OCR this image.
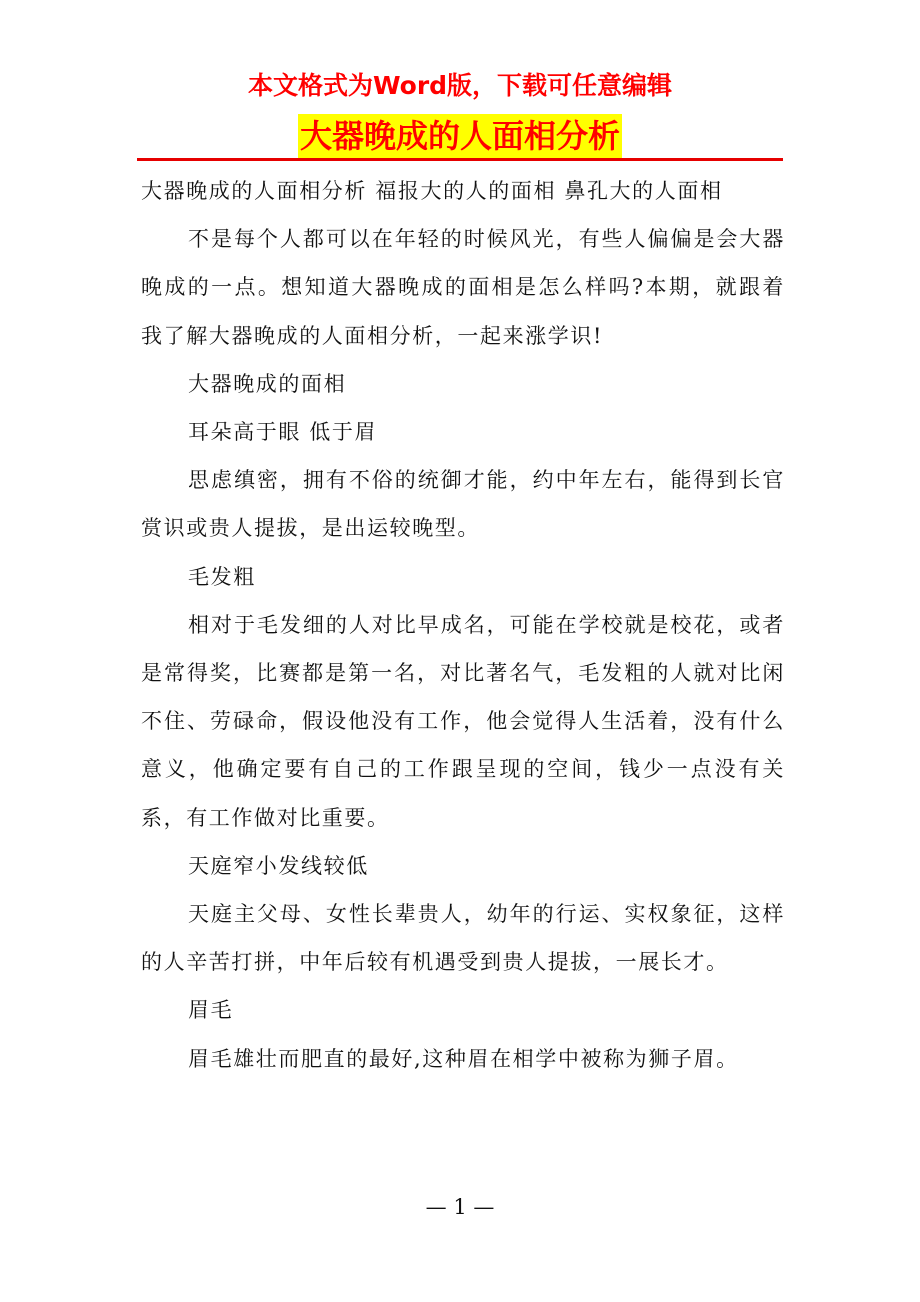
本文格式为Word版，下载可任意编辑
大器晚成的人面相分析

大器晚成的人面相分析 福报大的人的面相 鼻孔大的人面相

不是每个人都可以在年轻的时候风光，有些人偏偏是会大器晚成的一点。想知道大器晚成的面相是怎么样吗?本期，就跟着我了解大器晚成的人面相分析，一起来涨学识!

大器晚成的面相

耳朵高于眼 低于眉

思虑缜密，拥有不俗的统御才能，约中年左右，能得到长官赏识或贵人提拔，是出运较晚型。

毛发粗

相对于毛发细的人对比早成名，可能在学校就是校花，或者是常得奖，比赛都是第一名，对比著名气，毛发粗的人就对比闲不住、劳碌命，假设他没有工作，他会觉得人生活着，没有什么意义，他确定要有自己的工作跟呈现的空间，钱少一点没有关系，有工作做对比重要。

天庭窄小发线较低

天庭主父母、女性长辈贵人，幼年的行运、实权象征，这样的人辛苦打拼，中年后较有机遇受到贵人提拔，一展长才。

眉毛

眉毛雄壮而肥直的最好,这种眉在相学中被称为狮子眉。

— 1 —
